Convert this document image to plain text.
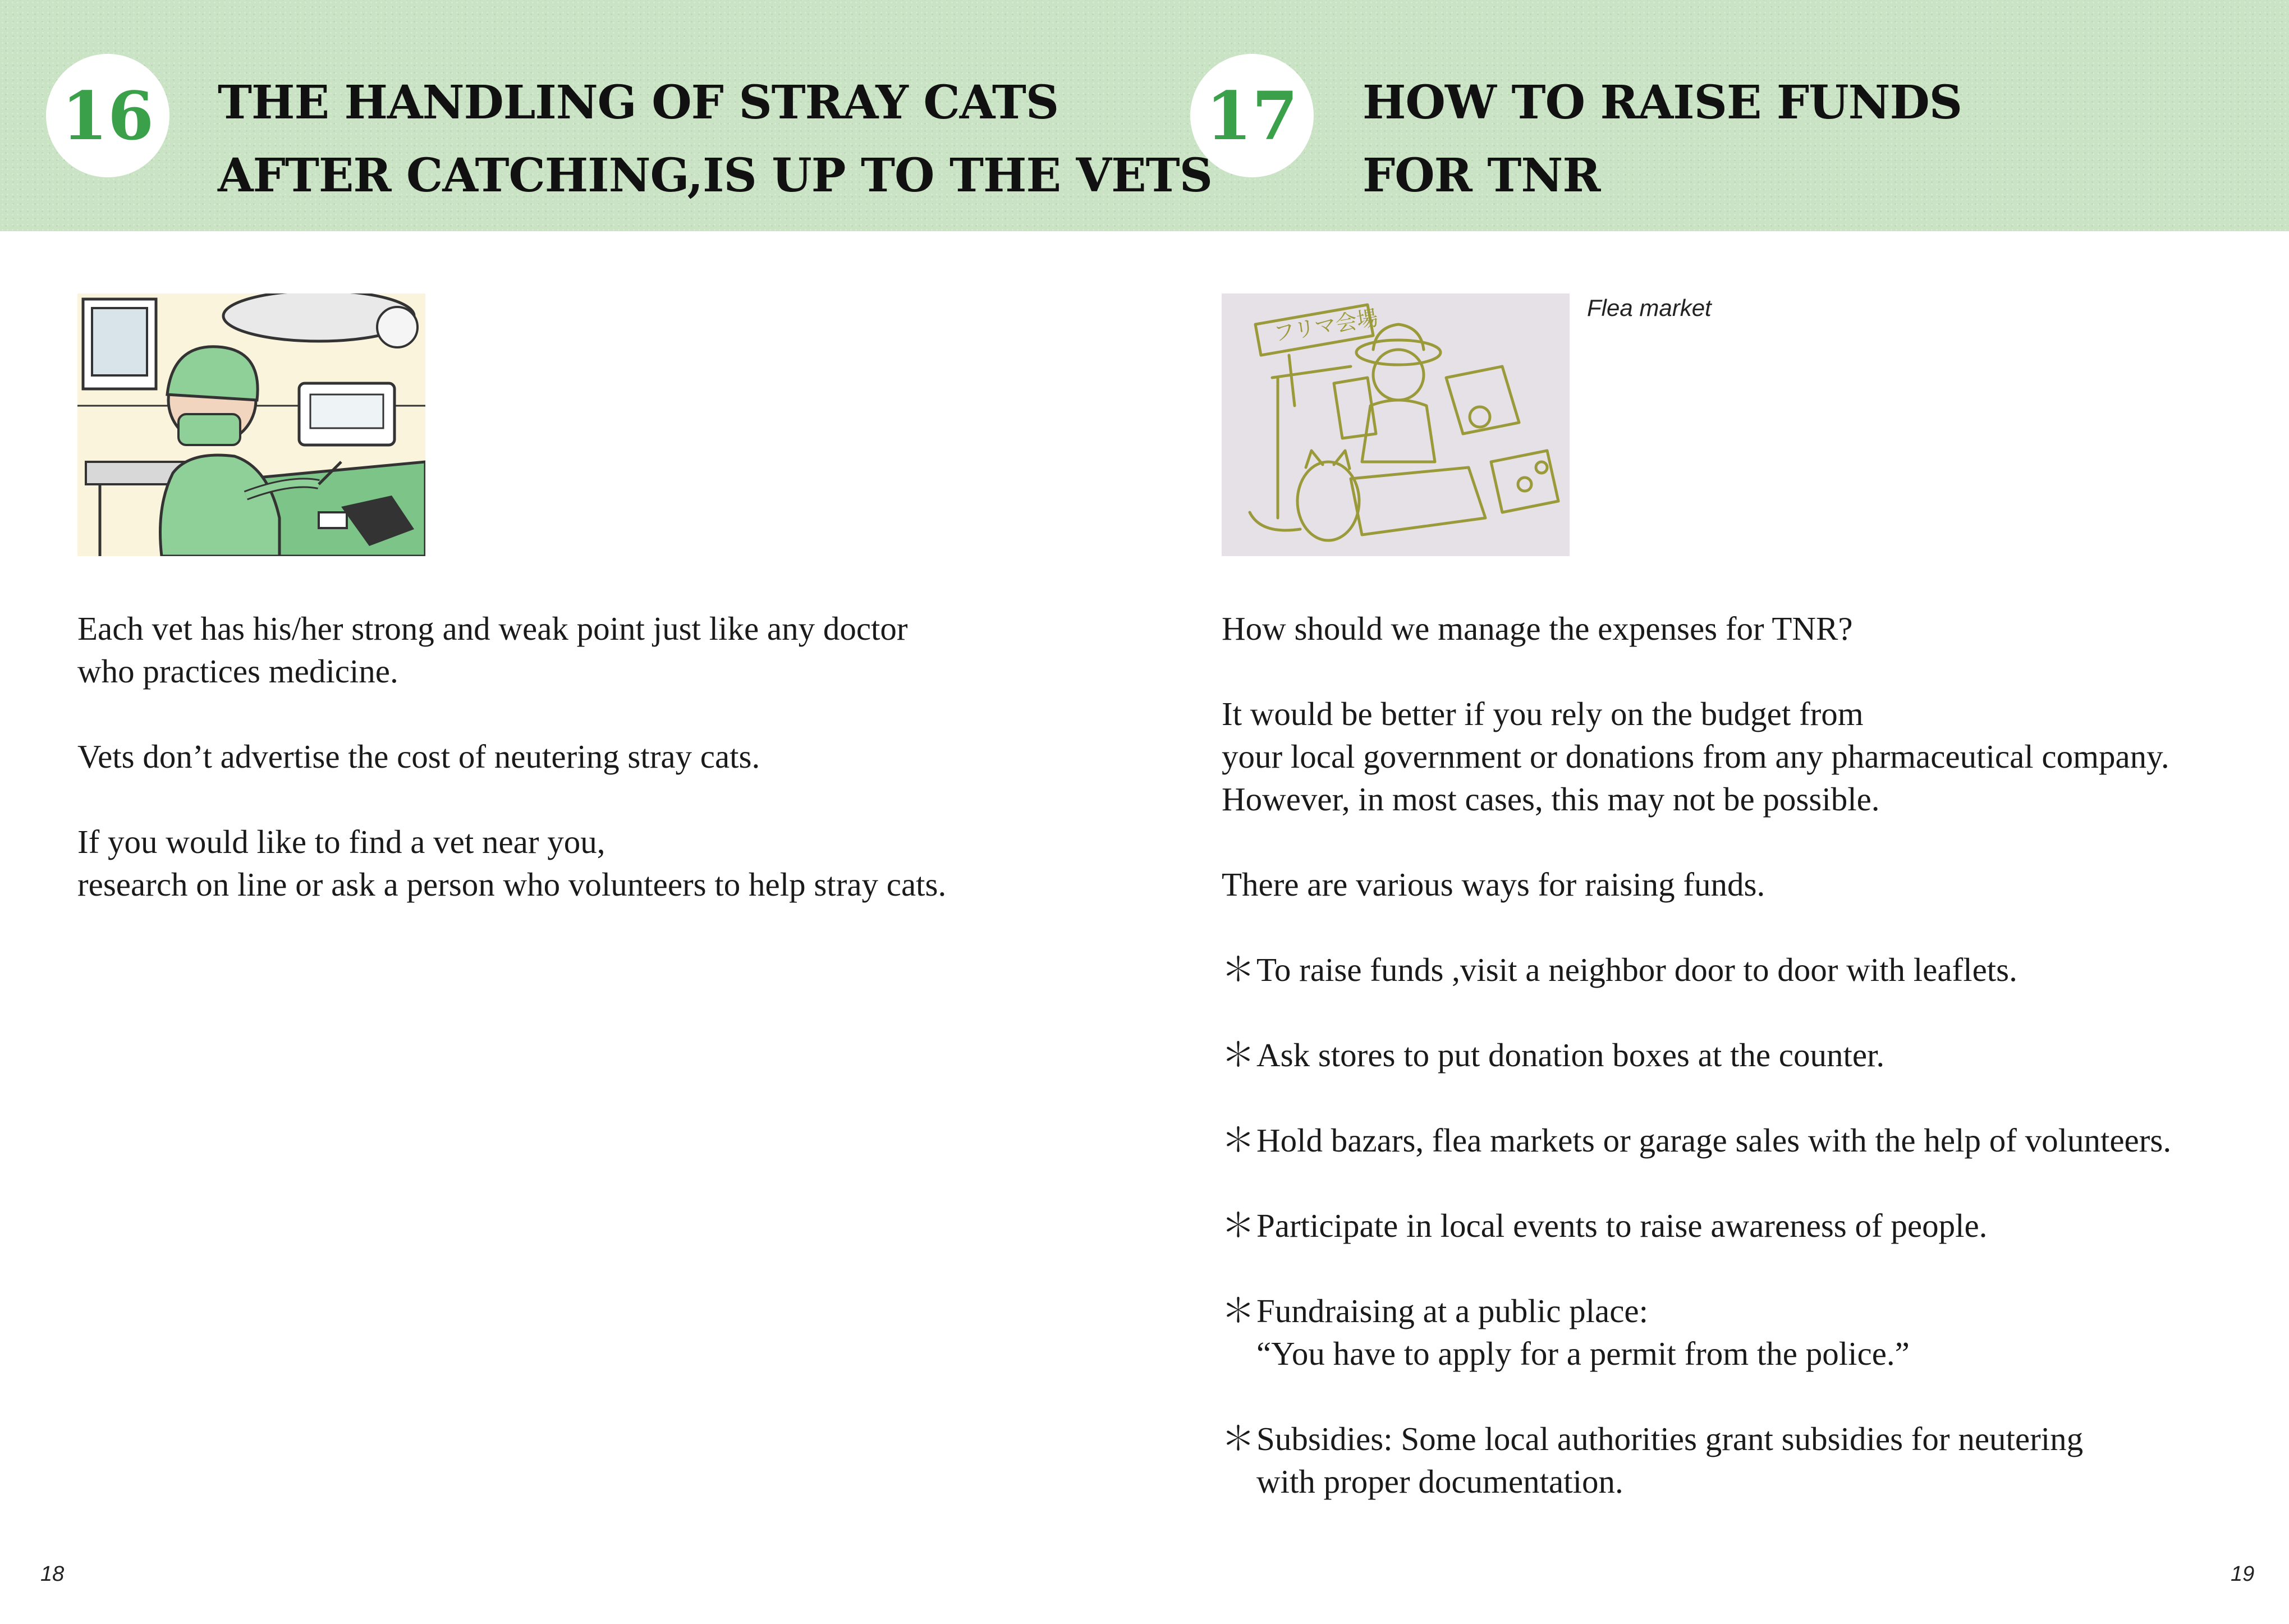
16 THE HANDLING OF STRAY CATS
AFTER CATCHING,IS UP TO THE VETS

Each vet has his/her strong and weak point just like any doctor

who practices medicine.

Vets don’t advertise the cost of neutering stray cats.

If you would like to find a vet near you,

research on line or ask a person who volunteers to help stray cats.

18
17 HOW TO RAISE FUNDS
FOR TNR
フリマ会場	Flea market

How should we manage the expenses for TNR?

It would be better if you rely on the budget from

your local government or donations from any pharmaceutical company.

However, in most cases, this may not be possible.

There are various ways for raising funds.

＊ To raise funds ,visit a neighbor door to door with leaflets.

＊ Ask stores to put donation boxes at the counter.

＊ Hold bazars, flea markets or garage sales with the help of volunteers.

＊ Participate in local events to raise awareness of people.

＊ Fundraising at a public place:

“You have to apply for a permit from the police.”

＊ Subsidies: Some local authorities grant subsidies for neutering

with proper documentation.

19
